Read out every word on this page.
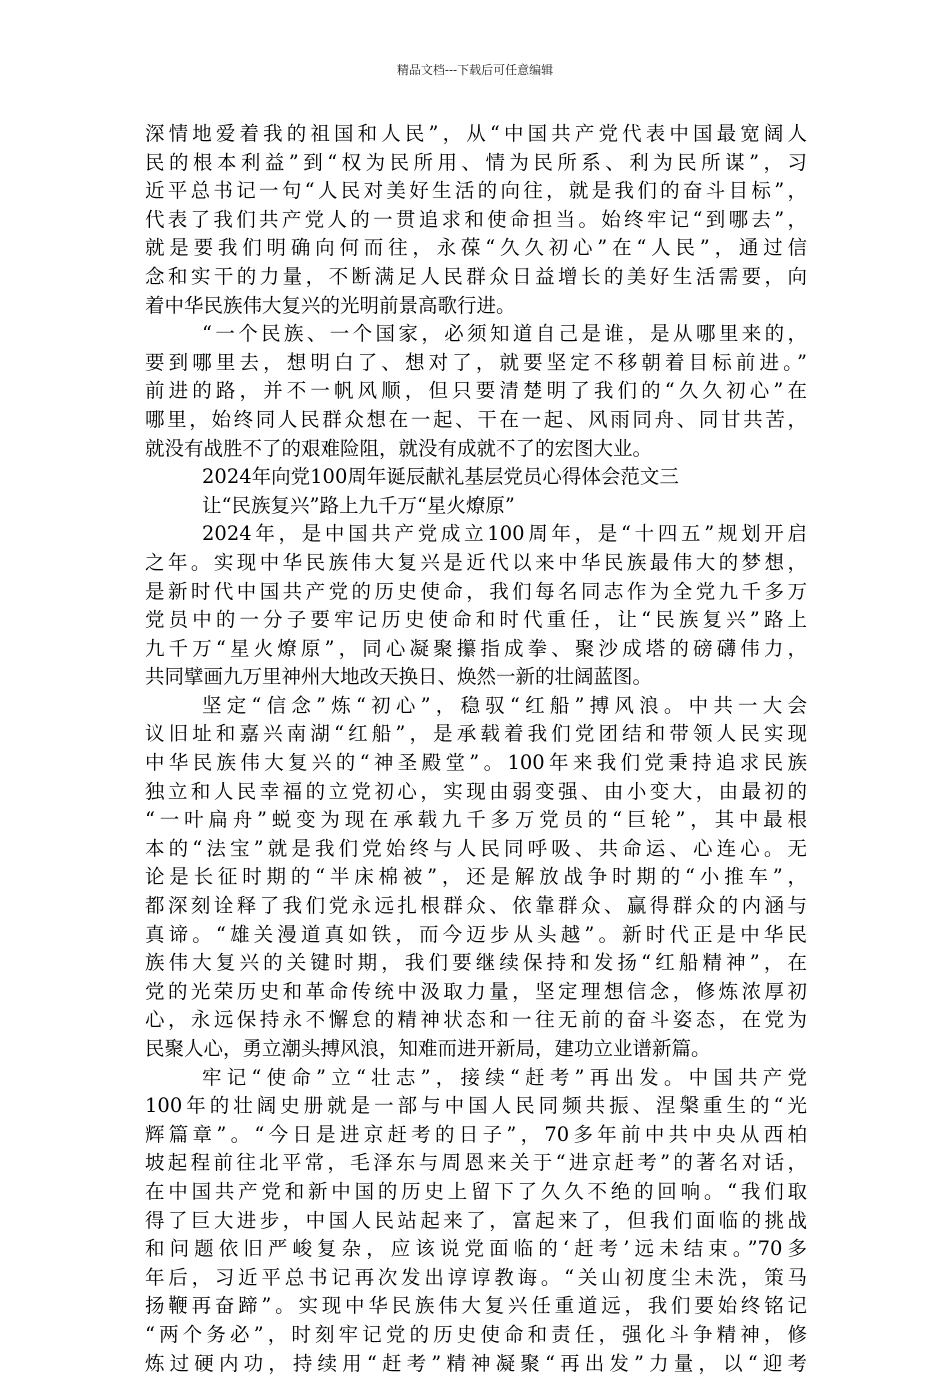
精品文档---下载后可任意编辑
深情地爱着我的祖国和人民”，从“中国共产党代表中国最宽阔人
民的根本利益”到“权为民所用、情为民所系、利为民所谋”，习
近平总书记一句“人民对美好生活的向往，就是我们的奋斗目标”，
代表了我们共产党人的一贯追求和使命担当。始终牢记“到哪去”，
就是要我们明确向何而往，永葆“久久初心”在“人民”，通过信
念和实干的力量，不断满足人民群众日益增长的美好生活需要，向
着中华民族伟大复兴的光明前景高歌行进。
“一个民族、一个国家，必须知道自己是谁，是从哪里来的，
要到哪里去，想明白了、想对了，就要坚定不移朝着目标前进。”
前进的路，并不一帆风顺，但只要清楚明了我们的“久久初心”在
哪里，始终同人民群众想在一起、干在一起、风雨同舟、同甘共苦，
就没有战胜不了的艰难险阻，就没有成就不了的宏图大业。
2024年向党100周年诞辰献礼基层党员心得体会范文三
让“民族复兴”路上九千万“星火燎原”
2024年，是中国共产党成立100周年，是“十四五”规划开启
之年。实现中华民族伟大复兴是近代以来中华民族最伟大的梦想，
是新时代中国共产党的历史使命，我们每名同志作为全党九千多万
党员中的一分子要牢记历史使命和时代重任，让“民族复兴”路上
九千万“星火燎原”，同心凝聚攥指成拳、聚沙成塔的磅礴伟力，
共同擘画九万里神州大地改天换日、焕然一新的壮阔蓝图。
坚定“信念”炼“初心”，稳驭“红船”搏风浪。中共一大会
议旧址和嘉兴南湖“红船”，是承载着我们党团结和带领人民实现
中华民族伟大复兴的“神圣殿堂”。100年来我们党秉持追求民族
独立和人民幸福的立党初心，实现由弱变强、由小变大，由最初的
“一叶扁舟”蜕变为现在承载九千多万党员的“巨轮”，其中最根
本的“法宝”就是我们党始终与人民同呼吸、共命运、心连心。无
论是长征时期的“半床棉被”，还是解放战争时期的“小推车”，
都深刻诠释了我们党永远扎根群众、依靠群众、赢得群众的内涵与
真谛。“雄关漫道真如铁，而今迈步从头越”。新时代正是中华民
族伟大复兴的关键时期，我们要继续保持和发扬“红船精神”，在
党的光荣历史和革命传统中汲取力量，坚定理想信念，修炼浓厚初
心，永远保持永不懈怠的精神状态和一往无前的奋斗姿态，在党为
民聚人心，勇立潮头搏风浪，知难而进开新局，建功立业谱新篇。
牢记“使命”立“壮志”，接续“赶考”再出发。中国共产党
100年的壮阔史册就是一部与中国人民同频共振、涅槃重生的“光
辉篇章”。“今日是进京赶考的日子”，70多年前中共中央从西柏
坡起程前往北平常，毛泽东与周恩来关于“进京赶考”的著名对话，
在中国共产党和新中国的历史上留下了久久不绝的回响。“我们取
得了巨大进步，中国人民站起来了，富起来了，但我们面临的挑战
和问题依旧严峻复杂，应该说党面临的‘赶考’远未结束。”70多
年后，习近平总书记再次发出谆谆教诲。“关山初度尘未洗，策马
扬鞭再奋蹄”。实现中华民族伟大复兴任重道远，我们要始终铭记
“两个务必”，时刻牢记党的历史使命和责任，强化斗争精神，修
炼过硬内功，持续用“赶考”精神凝聚“再出发”力量，以“迎考
